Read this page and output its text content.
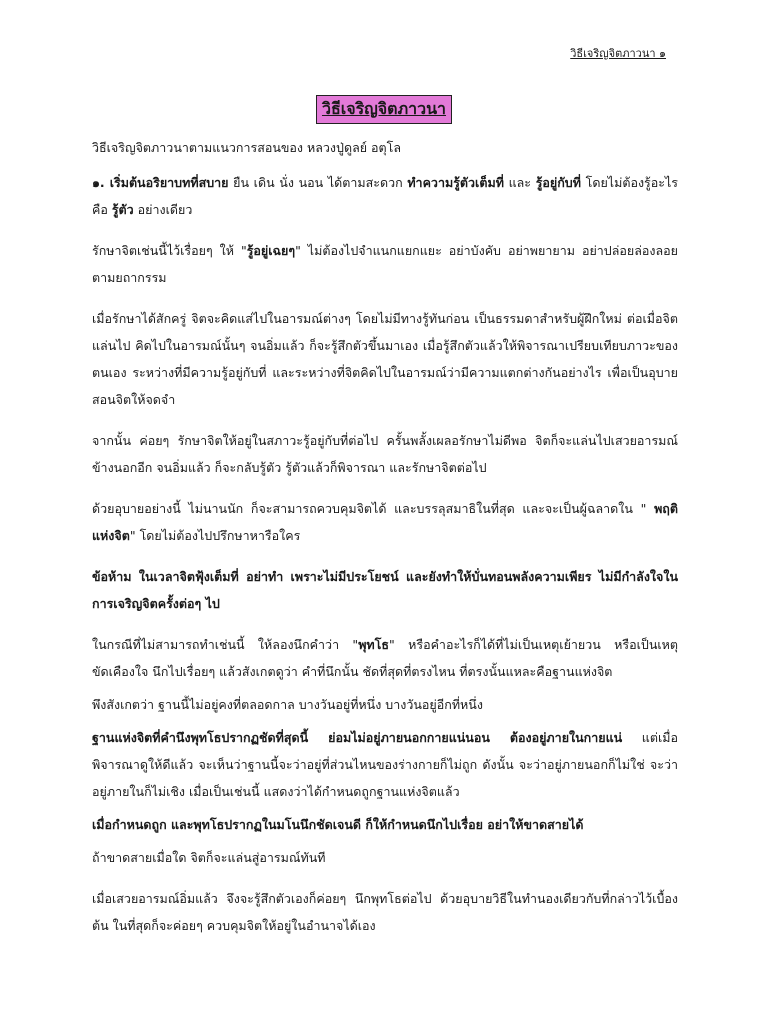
วิธีเจริญจิตภาวนา ๑
วิธีเจริญจิตภาวนา

วิธีเจริญจิตภาวนาตามแนวการสอนของ หลวงปู่ดูลย์ อตุโล

๑. เริ่มต้นอริยาบทที่สบาย ยืน เดิน นั่ง นอน ได้ตามสะดวก ทำความรู้ตัวเต็มที่ และ รู้อยู่กับที่ โดยไม่ต้องรู้อะไร คือ รู้ตัว อย่างเดียว

รักษาจิตเช่นนี้ไว้เรื่อยๆ ให้ "รู้อยู่เฉยๆ" ไม่ต้องไปจำแนกแยกแยะ อย่าบังคับ อย่าพยายาม อย่าปล่อยล่องลอยตามยถากรรม

เมื่อรักษาได้สักครู่ จิตจะคิดแส่ไปในอารมณ์ต่างๆ โดยไม่มีทางรู้ทันก่อน เป็นธรรมดาสำหรับผู้ฝึกใหม่ ต่อเมื่อจิตแล่นไป คิดไปในอารมณ์นั้นๆ จนอิ่มแล้ว ก็จะรู้สึกตัวขึ้นมาเอง เมื่อรู้สึกตัวแล้วให้พิจารณาเปรียบเทียบภาวะของตนเอง ระหว่างที่มีความรู้อยู่กับที่ และระหว่างที่จิตคิดไปในอารมณ์ว่ามีความแตกต่างกันอย่างไร เพื่อเป็นอุบายสอนจิตให้จดจำ

จากนั้น ค่อยๆ รักษาจิตให้อยู่ในสภาวะรู้อยู่กับที่ต่อไป ครั้นพลั้งเผลอรักษาไม่ดีพอ จิตก็จะแล่นไปเสวยอารมณ์ข้างนอกอีก จนอิ่มแล้ว ก็จะกลับรู้ตัว รู้ตัวแล้วก็พิจารณา และรักษาจิตต่อไป

ด้วยอุบายอย่างนี้ ไม่นานนัก ก็จะสามารถควบคุมจิตได้ และบรรลุสมาธิในที่สุด และจะเป็นผู้ฉลาดใน " พฤติแห่งจิต" โดยไม่ต้องไปปรึกษาหารือใคร

ข้อห้าม ในเวลาจิตฟุ้งเต็มที่ อย่าทำ เพราะไม่มีประโยชน์ และยังทำให้บั่นทอนพลังความเพียร ไม่มีกำลังใจในการเจริญจิตครั้งต่อๆ ไป

ในกรณีที่ไม่สามารถทำเช่นนี้ ให้ลองนึกคำว่า "พุทโธ" หรือคำอะไรก็ได้ที่ไม่เป็นเหตุเย้ายวน หรือเป็นเหตุขัดเคืองใจ นึกไปเรื่อยๆ แล้วสังเกตดูว่า คำที่นึกนั้น ชัดที่สุดที่ตรงไหน ที่ตรงนั้นแหละคือฐานแห่งจิต

พึงสังเกตว่า ฐานนี้ไม่อยู่คงที่ตลอดกาล บางวันอยู่ที่หนึ่ง บางวันอยู่อีกที่หนึ่ง

ฐานแห่งจิตที่คำนึงพุทโธปรากฏชัดที่สุดนี้ ย่อมไม่อยู่ภายนอกกายแน่นอน ต้องอยู่ภายในกายแน่ แต่เมื่อพิจารณาดูให้ดีแล้ว จะเห็นว่าฐานนี้จะว่าอยู่ที่ส่วนไหนของร่างกายก็ไม่ถูก ดังนั้น จะว่าอยู่ภายนอกก็ไม่ใช่ จะว่าอยู่ภายในก็ไม่เชิง เมื่อเป็นเช่นนี้ แสดงว่าได้กำหนดถูกฐานแห่งจิตแล้ว

เมื่อกำหนดถูก และพุทโธปรากฏในมโนนึกชัดเจนดี ก็ให้กำหนดนึกไปเรื่อย อย่าให้ขาดสายได้

ถ้าขาดสายเมื่อใด จิตก็จะแล่นสู่อารมณ์ทันที

เมื่อเสวยอารมณ์อิ่มแล้ว จึงจะรู้สึกตัวเองก็ค่อยๆ นึกพุทโธต่อไป ด้วยอุบายวิธีในทำนองเดียวกับที่กล่าวไว้เบื้องต้น ในที่สุดก็จะค่อยๆ ควบคุมจิตให้อยู่ในอำนาจได้เอง
